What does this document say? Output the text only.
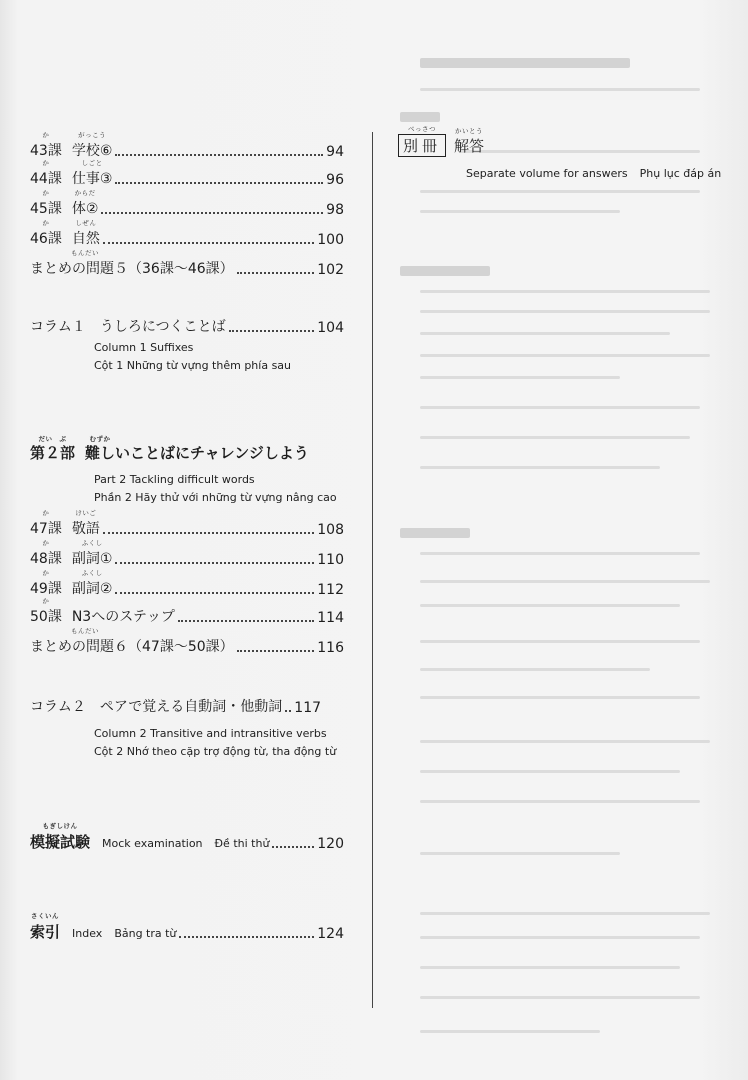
か
43課
がっこう
学校⑥	94
か
44課
しごと
仕事③	96
か
45課
からだ
体②	98
か
46課
しぜん
自然	100
もんだい
まとめの問題５（36課～46課）	102
コラム１　うしろにつくことば	104
Column 1 Suffixes
Cột 1 Những từ vựng thêm phía sau
だい　ぶ
第２部
むずか
難しいことばにチャレンジしよう
Part 2 Tackling difficult words
Phần 2 Hãy thử với những từ vựng nâng cao
か
47課
けいご
敬語	108
か
48課
ふくし
副詞①	110
か
49課
ふくし
副詞②	112
か
50課 N3へのステップ	114
もんだい
まとめの問題６（47課～50課）	116
コラム２　ペアで覚える自動詞・他動詞 117
Column 2 Transitive and intransitive verbs
Cột 2 Nhớ theo cặp trợ động từ, tha động từ
もぎしけん
模擬試験 Mock examination Đề thi thử	120
さくいん
索引 Index Bảng tra từ	124
べっさつ
別冊
かいとう
解答
Separate volume for answers Phụ lục đáp án
